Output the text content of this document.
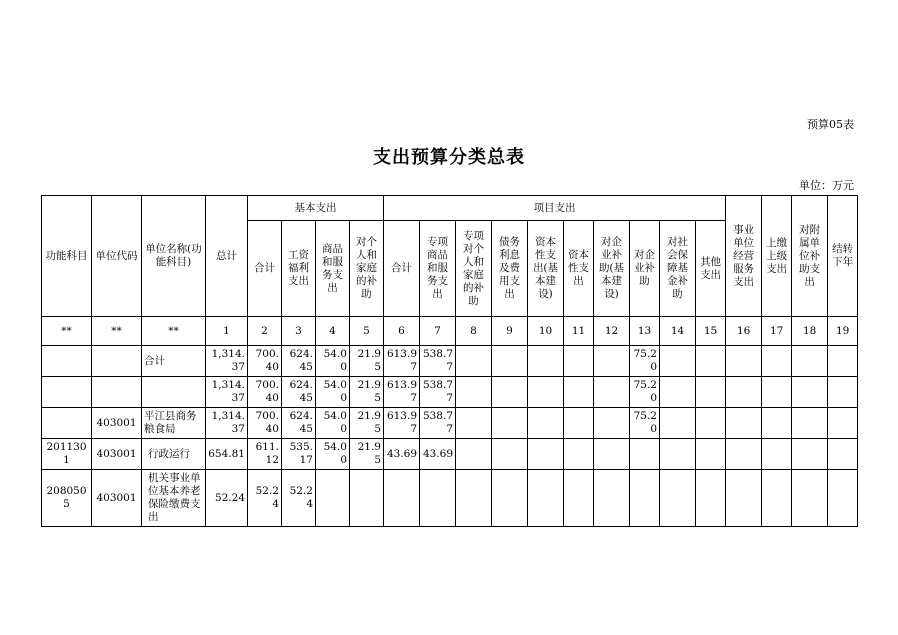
预算05表
支出预算分类总表
单位：万元
功能科目	单位代码	单位名称(功能科目)	总计	基本支出				项目支出										事业单位经营服务支出	上缴上级支出	对附属单位补助支出	结转下年
				合计	工资福利支出	商品和服务支出	对个人和家庭的补助	合计	专项商品和服务支出	专项对个人和家庭的补助	债务利息及费用支出	资本性支出(基本建设)	资本性支出	对企业补助(基本建设)	对企业补助	对社会保障基金补助	其他支出				
**	**	**	1	2	3	4	5	6	7	8	9	10	11	12	13	14	15	16	17	18	19
		合计	1,314.37	700.40	624.45	54.00	21.95	613.97	538.77						75.20						
			1,314.37	700.40	624.45	54.00	21.95	613.97	538.77						75.20						
	403001	平江县商务粮食局	1,314.37	700.40	624.45	54.00	21.95	613.97	538.77						75.20						
2011301	403001	行政运行	654.81	611.12	535.17	54.00	21.95	43.69	43.69												
2080505	403001	机关事业单位基本养老保险缴费支出	52.24	52.24	52.24																
